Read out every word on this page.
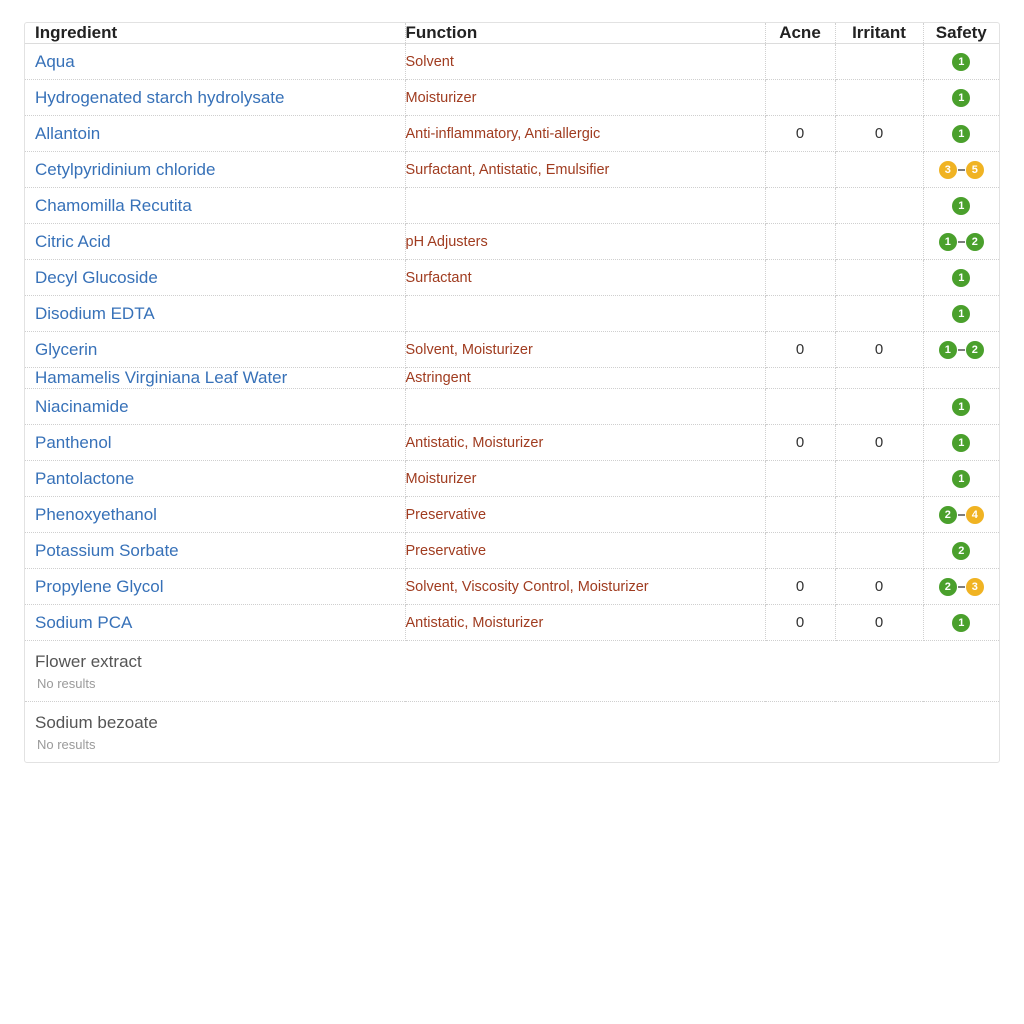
Ingredient	Function	Acne	Irritant	Safety
Aqua	Solvent			1

Hydrogenated starch hydrolysate	Moisturizer			1

Allantoin	Anti-inflammatory, Anti-allergic	0	0	1

Cetylpyridinium chloride	Surfactant, Antistatic, Emulsifier			3 5

Chamomilla Recutita				1

Citric Acid	pH Adjusters			1 2

Decyl Glucoside	Surfactant			1

Disodium EDTA				1

Glycerin	Solvent, Moisturizer	0	0	1 2

Hamamelis Virginiana Leaf Water	Astringent			
Niacinamide				1

Panthenol	Antistatic, Moisturizer	0	0	1

Pantolactone	Moisturizer			1

Phenoxyethanol	Preservative			2 4

Potassium Sorbate	Preservative			2

Propylene Glycol	Solvent, Viscosity Control, Moisturizer	0	0	2 3

Sodium PCA	Antistatic, Moisturizer	0	0	1

Flower extract
No results				

Sodium bezoate
No results				
